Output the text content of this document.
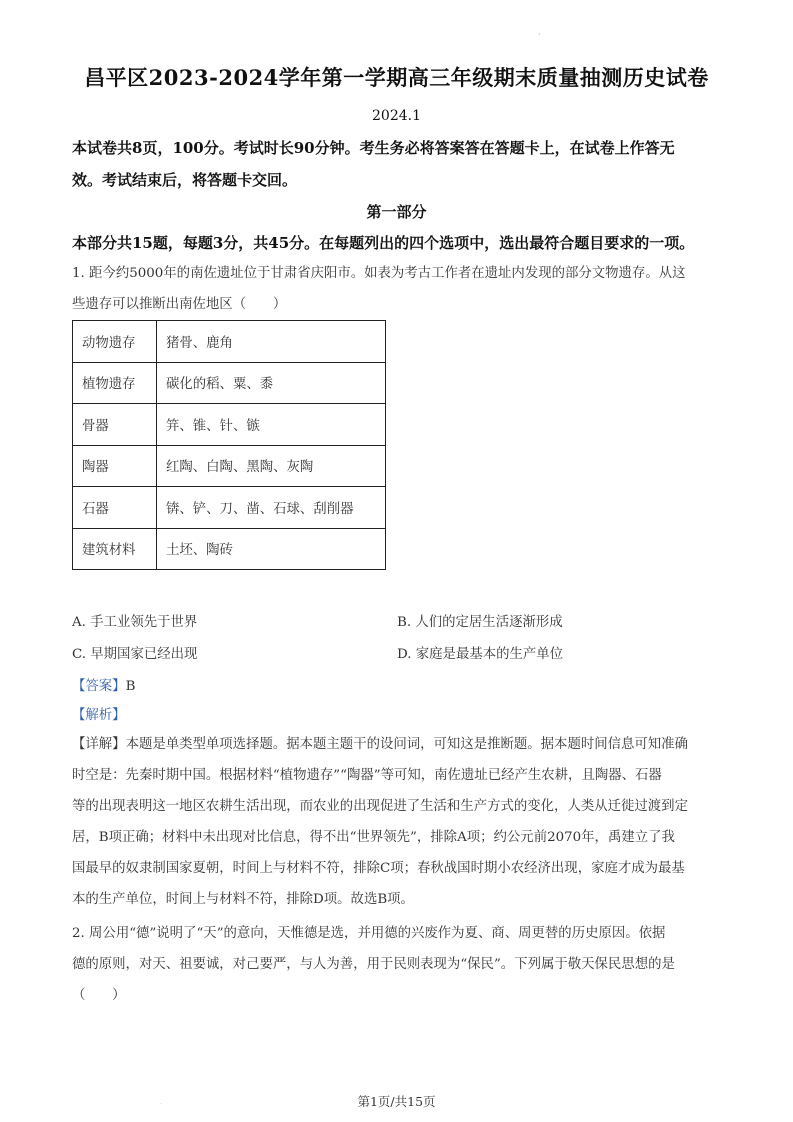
·
昌平区2023-2024学年第一学期高三年级期末质量抽测历史试卷
2024.1
本试卷共8页，100分。考试时长90分钟。考生务必将答案答在答题卡上，在试卷上作答无
效。考试结束后，将答题卡交回。
第一部分
本部分共15题，每题3分，共45分。在每题列出的四个选项中，选出最符合题目要求的一项。
1. 距今约5000年的南佐遗址位于甘肃省庆阳市。如表为考古工作者在遗址内发现的部分文物遗存。从这
些遗存可以推断出南佐地区（　　）
动物遗存	猪骨、鹿角
植物遗存	碳化的稻、粟、黍
骨器	笄、锥、针、镞
陶器	红陶、白陶、黑陶、灰陶
石器	锛、铲、刀、凿、石球、刮削器
建筑材料	土坯、陶砖
A. 手工业领先于世界	B. 人们的定居生活逐渐形成
C. 早期国家已经出现	D. 家庭是最基本的生产单位
【答案】B
【解析】
【详解】本题是单类型单项选择题。据本题主题干的设问词，可知这是推断题。据本题时间信息可知准确
时空是：先秦时期中国。根据材料“植物遗存”“陶器”等可知，南佐遗址已经产生农耕，且陶器、石器
等的出现表明这一地区农耕生活出现，而农业的出现促进了生活和生产方式的变化，人类从迁徙过渡到定
居，B项正确；材料中未出现对比信息，得不出“世界领先”，排除A项；约公元前2070年，禹建立了我
国最早的奴隶制国家夏朝，时间上与材料不符，排除C项；春秋战国时期小农经济出现，家庭才成为最基
本的生产单位，时间上与材料不符，排除D项。故选B项。
2. 周公用“德”说明了“天”的意向，天惟德是选，并用德的兴废作为夏、商、周更替的历史原因。依据
德的原则，对天、祖要诚，对己要严，与人为善，用于民则表现为“保民”。下列属于敬天保民思想的是
（　　）
第1页/共15页
·
